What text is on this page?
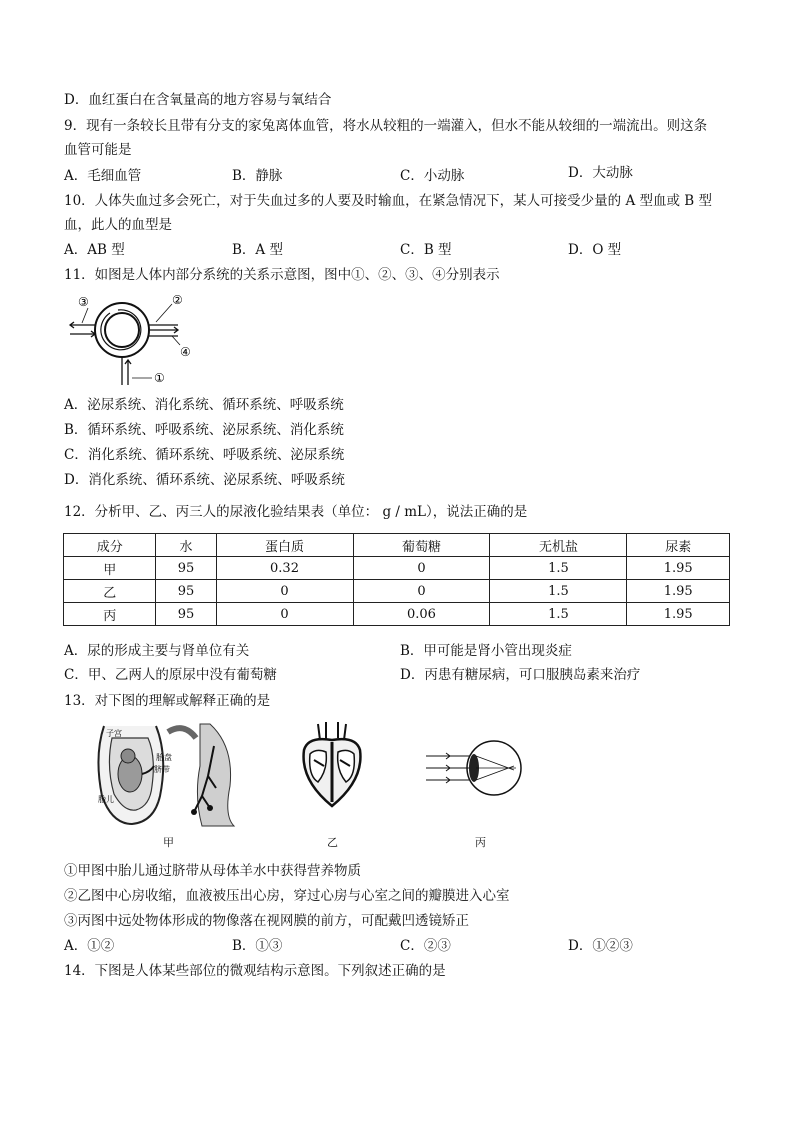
D．血红蛋白在含氧量高的地方容易与氧结合
9．现有一条较长且带有分支的家兔离体血管，将水从较粗的一端灌入，但水不能从较细的一端流出。则这条
血管可能是
A．毛细血管	B．静脉	C．小动脉	D．大动脉
10．人体失血过多会死亡，对于失血过多的人要及时输血，在紧急情况下，某人可接受少量的 A 型血或 B 型
血，此人的血型是
A．AB 型	B．A 型	C．B 型	D．O 型
11．如图是人体内部分系统的关系示意图，图中①、②、③、④分别表示
③	②
④
①
A．泌尿系统、消化系统、循环系统、呼吸系统
B．循环系统、呼吸系统、泌尿系统、消化系统
C．消化系统、循环系统、呼吸系统、泌尿系统
D．消化系统、循环系统、泌尿系统、呼吸系统
12．分析甲、乙、丙三人的尿液化验结果表（单位： g / mL），说法正确的是
成分	水	蛋白质	葡萄糖	无机盐	尿素
甲	95	0.32	0	1.5	1.95
乙	95	0	0	1.5	1.95
丙	95	0	0.06	1.5	1.95
A．尿的形成主要与肾单位有关	B．甲可能是肾小管出现炎症
C．甲、乙两人的原尿中没有葡萄糖	D．丙患有糖尿病，可口服胰岛素来治疗
13．对下图的理解或解释正确的是
胎儿
胎盘
脐带
子宫
甲	乙	丙
①甲图中胎儿通过脐带从母体羊水中获得营养物质
②乙图中心房收缩，血液被压出心房，穿过心房与心室之间的瓣膜进入心室
③丙图中远处物体形成的物像落在视网膜的前方，可配戴凹透镜矫正
A．①②	B．①③	C．②③	D．①②③
14．下图是人体某些部位的微观结构示意图。下列叙述正确的是
